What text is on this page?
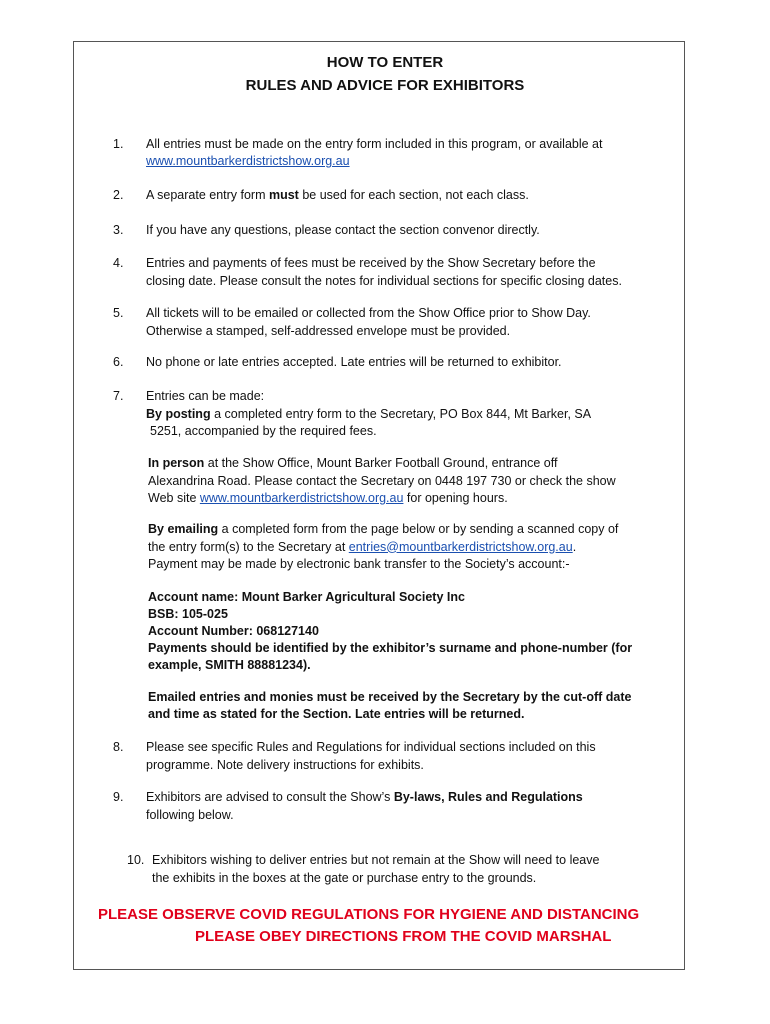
HOW TO ENTER
RULES AND ADVICE FOR EXHIBITORS
1. All entries must be made on the entry form included in this program, or available at
www.mountbarkerdistrictshow.org.au
2. A separate entry form must be used for each section, not each class.
3. If you have any questions, please contact the section convenor directly.
4. Entries and payments of fees must be received by the Show Secretary before the
closing date. Please consult the notes for individual sections for specific closing dates.
5. All tickets will to be emailed or collected from the Show Office prior to Show Day.
Otherwise a stamped, self-addressed envelope must be provided.
6. No phone or late entries accepted. Late entries will be returned to exhibitor.
7. Entries can be made:
By posting a completed entry form to the Secretary, PO Box 844, Mt Barker, SA
5251, accompanied by the required fees.
In person at the Show Office, Mount Barker Football Ground, entrance off
Alexandrina Road. Please contact the Secretary on 0448 197 730 or check the show
Web site www.mountbarkerdistrictshow.org.au for opening hours.
By emailing a completed form from the page below or by sending a scanned copy of
the entry form(s) to the Secretary at entries@mountbarkerdistrictshow.org.au.
Payment may be made by electronic bank transfer to the Society’s account:-
Account name: Mount Barker Agricultural Society Inc
BSB: 105-025
Account Number: 068127140
Payments should be identified by the exhibitor’s surname and phone-number (for
example, SMITH 88881234).
Emailed entries and monies must be received by the Secretary by the cut-off date
and time as stated for the Section. Late entries will be returned.
8. Please see specific Rules and Regulations for individual sections included on this
programme. Note delivery instructions for exhibits.
9. Exhibitors are advised to consult the Show’s By-laws, Rules and Regulations
following below.
10. Exhibitors wishing to deliver entries but not remain at the Show will need to leave
the exhibits in the boxes at the gate or purchase entry to the grounds.
PLEASE OBSERVE COVID REGULATIONS FOR HYGIENE AND DISTANCING
PLEASE OBEY DIRECTIONS FROM THE COVID MARSHAL
